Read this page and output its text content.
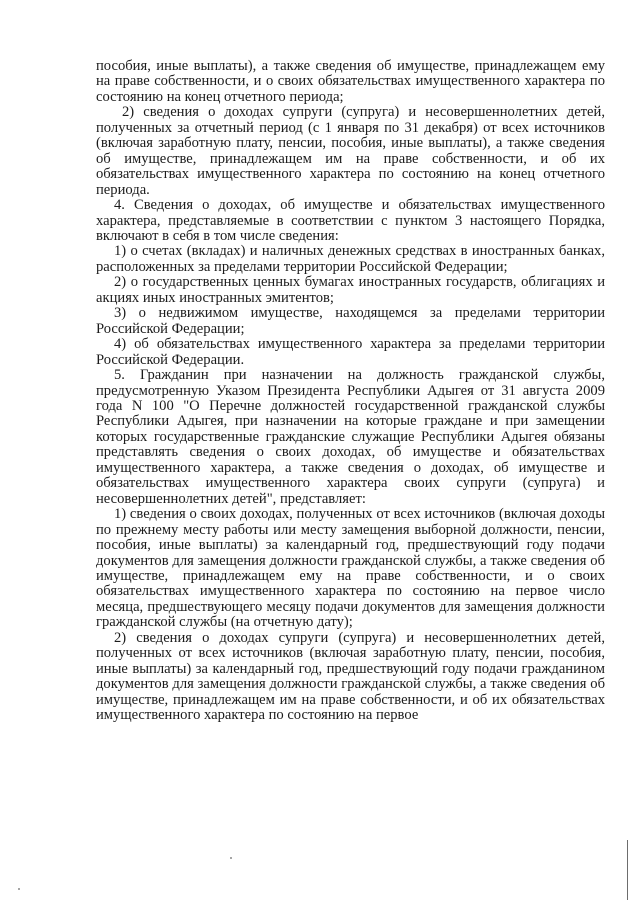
пособия, иные выплаты), а также сведения об имуществе, принадлежащем ему на праве собственности, и о своих обязательствах имущественного характера по состоянию на конец отчетного периода;

2) сведения о доходах супруги (супруга) и несовершеннолетних детей, полученных за отчетный период (с 1 января по 31 декабря) от всех источников (включая заработную плату, пенсии, пособия, иные выплаты), а также сведения об имуществе, принадлежащем им на праве собственности, и об их обязательствах имущественного характера по состоянию на конец отчетного периода.

4. Сведения о доходах, об имуществе и обязательствах имущественного характера, представляемые в соответствии с пунктом 3 настоящего Порядка, включают в себя в том числе сведения:

1) о счетах (вкладах) и наличных денежных средствах в иностранных банках, расположенных за пределами территории Российской Федерации;

2) о государственных ценных бумагах иностранных государств, облигациях и акциях иных иностранных эмитентов;

3) о недвижимом имуществе, находящемся за пределами территории Российской Федерации;

4) об обязательствах имущественного характера за пределами территории Российской Федерации.

5. Гражданин при назначении на должность гражданской службы, предусмотренную Указом Президента Республики Адыгея от 31 августа 2009 года N 100 "О Перечне должностей государственной гражданской службы Республики Адыгея, при назначении на которые граждане и при замещении которых государственные гражданские служащие Республики Адыгея обязаны представлять сведения о своих доходах, об имуществе и обязательствах имущественного характера, а также сведения о доходах, об имуществе и обязательствах имущественного характера своих супруги (супруга) и несовершеннолетних детей", представляет:

1) сведения о своих доходах, полученных от всех источников (включая доходы по прежнему месту работы или месту замещения выборной должности, пенсии, пособия, иные выплаты) за календарный год, предшествующий году подачи документов для замещения должности гражданской службы, а также сведения об имуществе, принадлежащем ему на праве собственности, и о своих обязательствах имущественного характера по состоянию на первое число месяца, предшествующего месяцу подачи документов для замещения должности гражданской службы (на отчетную дату);

2) сведения о доходах супруги (супруга) и несовершеннолетних детей, полученных от всех источников (включая заработную плату, пенсии, пособия, иные выплаты) за календарный год, предшествующий году подачи гражданином документов для замещения должности гражданской службы, а также сведения об имуществе, принадлежащем им на праве собственности, и об их обязательствах имущественного характера по состоянию на первое
